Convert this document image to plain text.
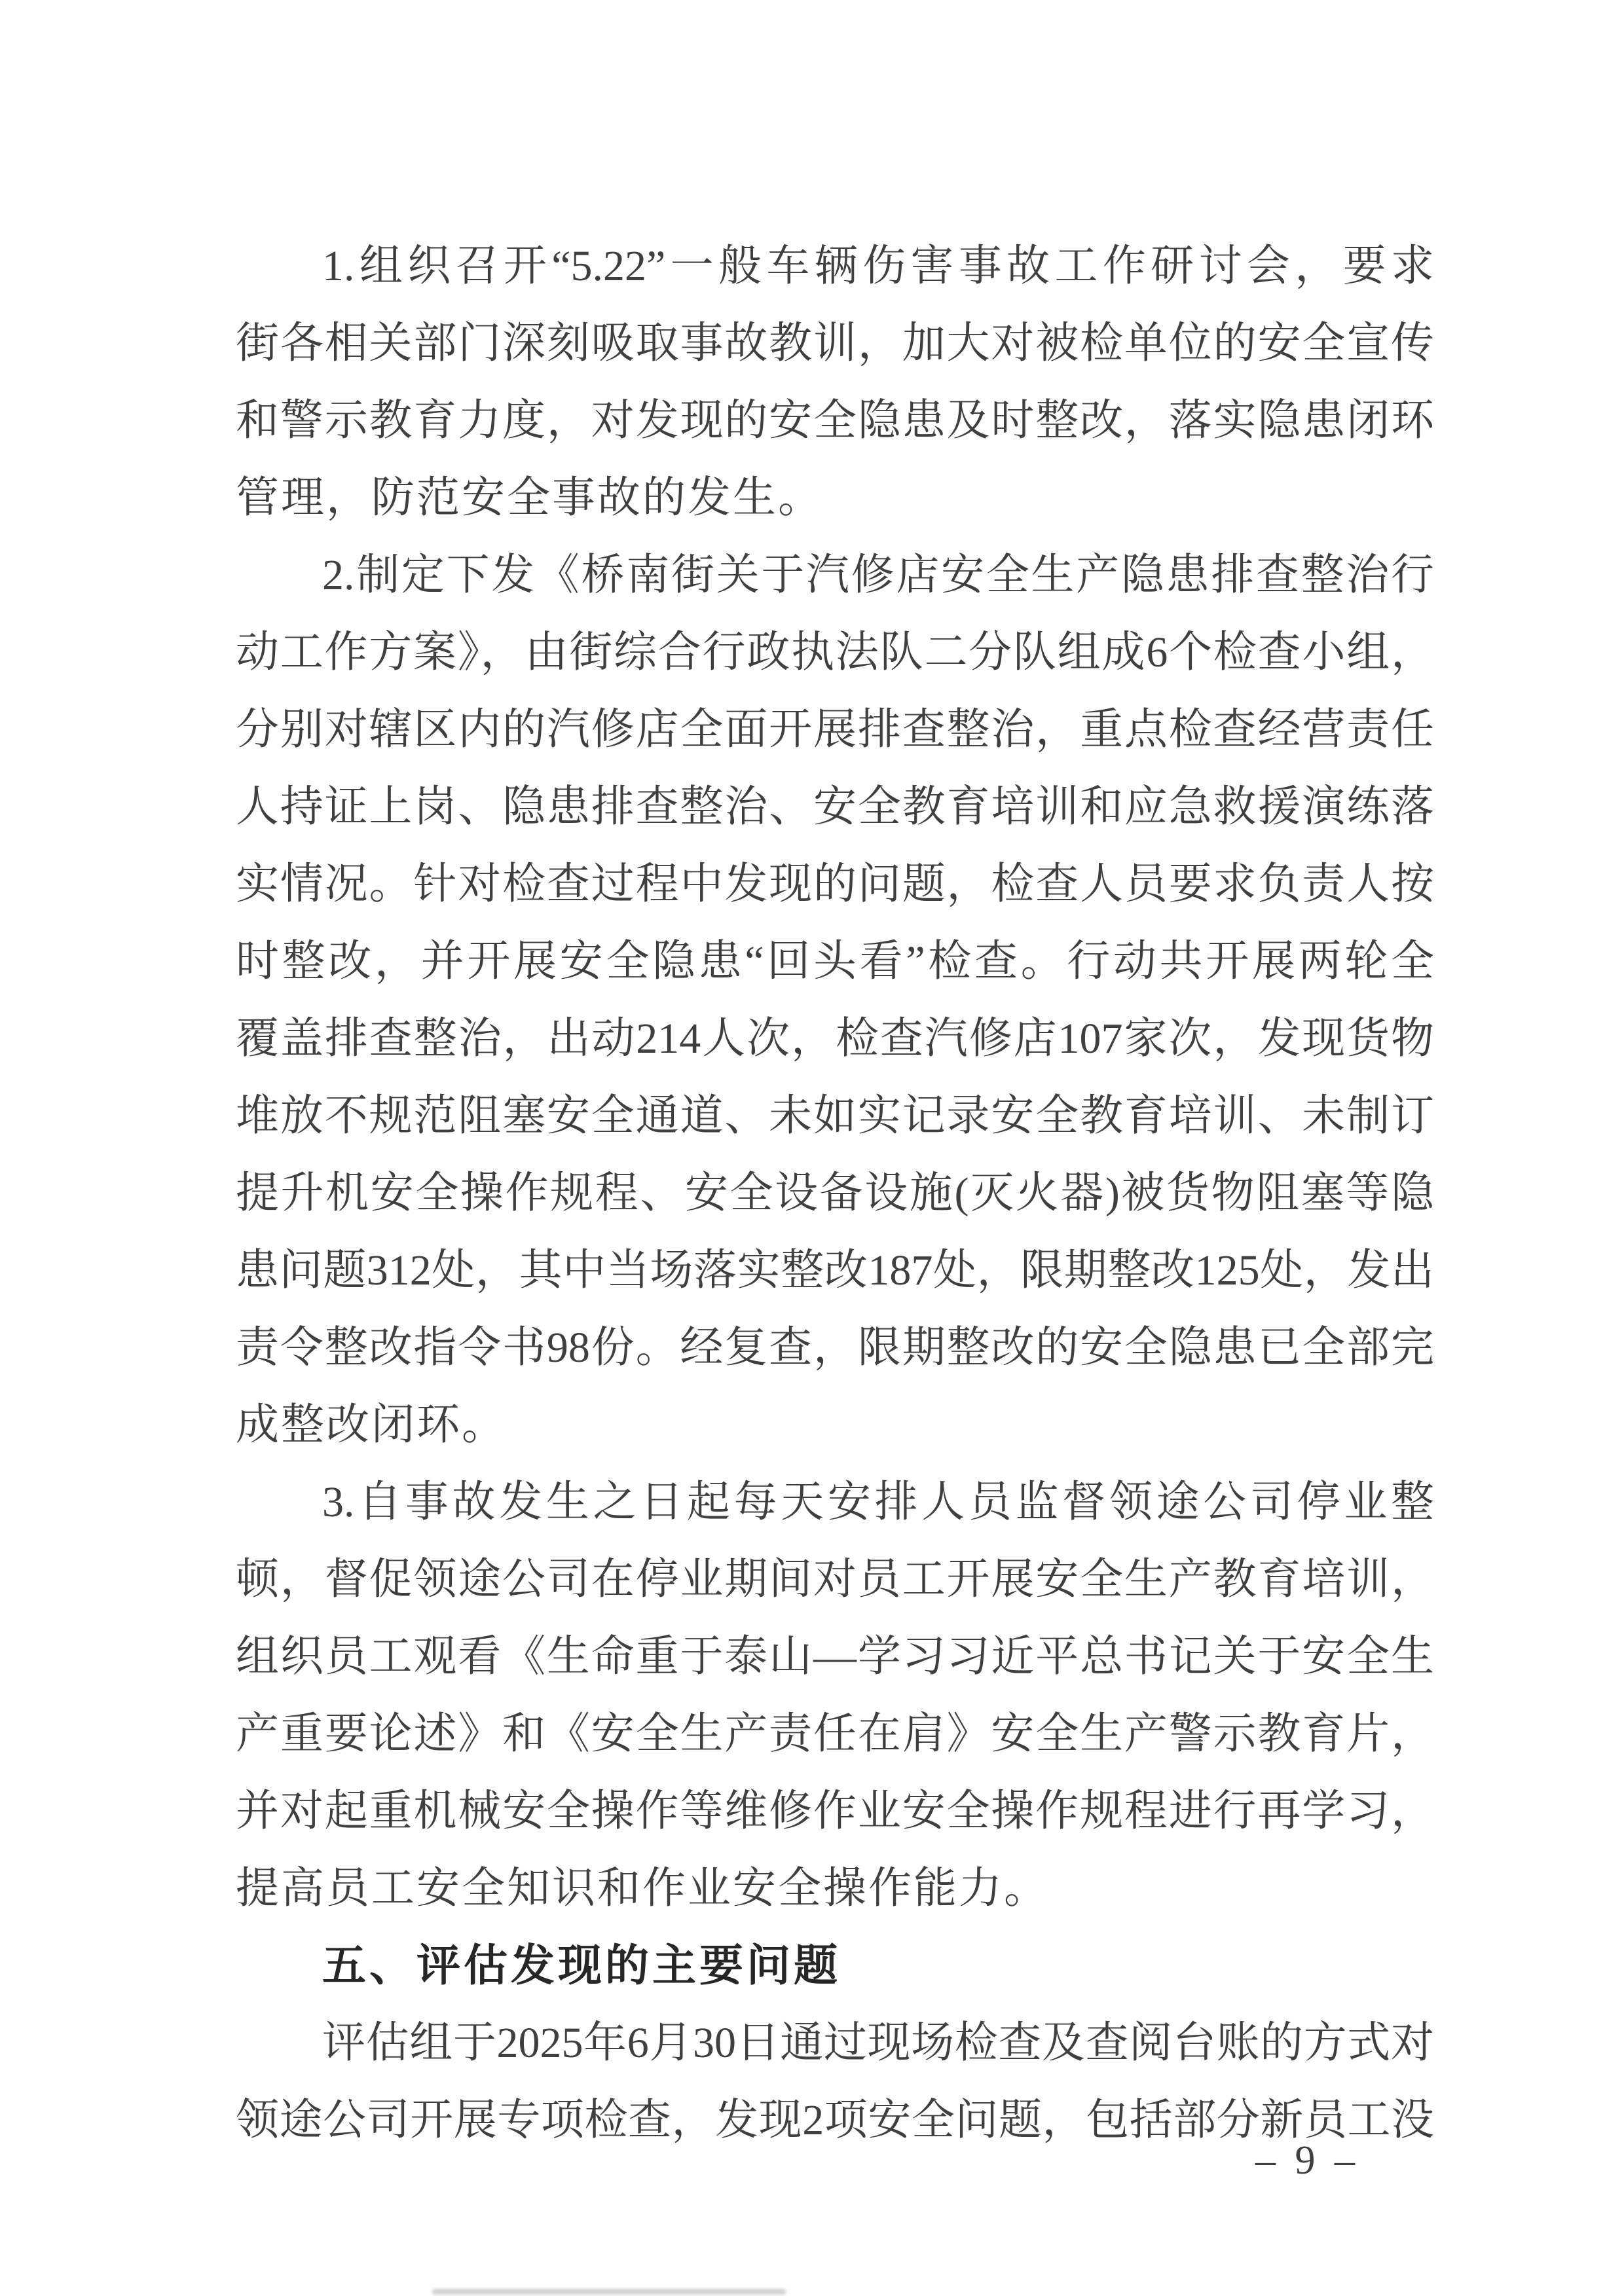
1.组织召开“5.22”一般车辆伤害事故工作研讨会，要求
街各相关部门深刻吸取事故教训，加大对被检单位的安全宣传
和警示教育力度，对发现的安全隐患及时整改，落实隐患闭环
管理，防范安全事故的发生。
2.制定下发《桥南街关于汽修店安全生产隐患排查整治行
动工作方案》，由街综合行政执法队二分队组成6个检查小组，
分别对辖区内的汽修店全面开展排查整治，重点检查经营责任
人持证上岗、隐患排查整治、安全教育培训和应急救援演练落
实情况。针对检查过程中发现的问题，检查人员要求负责人按
时整改，并开展安全隐患“回头看”检查。行动共开展两轮全
覆盖排查整治，出动214人次，检查汽修店107家次，发现货物
堆放不规范阻塞安全通道、未如实记录安全教育培训、未制订
提升机安全操作规程、安全设备设施(灭火器)被货物阻塞等隐
患问题312处，其中当场落实整改187处，限期整改125处，发出
责令整改指令书98份。经复查，限期整改的安全隐患已全部完
成整改闭环。
3.自事故发生之日起每天安排人员监督领途公司停业整
顿，督促领途公司在停业期间对员工开展安全生产教育培训，
组织员工观看《生命重于泰山—学习习近平总书记关于安全生
产重要论述》和《安全生产责任在肩》安全生产警示教育片，
并对起重机械安全操作等维修作业安全操作规程进行再学习，
提高员工安全知识和作业安全操作能力。
五、评估发现的主要问题
评估组于2025年6月30日通过现场检查及查阅台账的方式对
领途公司开展专项检查，发现2项安全问题，包括部分新员工没
– 9 –
